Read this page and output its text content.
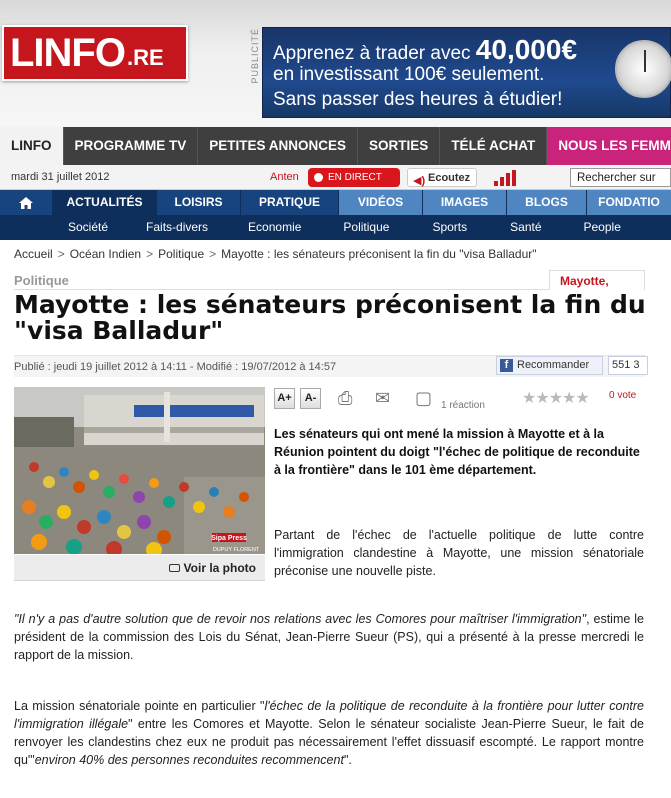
LINFO .RE	PUBLICITÉ Apprenez à trader avec 40,000€
en investissant 100€ seulement.
Sans passer des heures à étudier!
LINFO	PROGRAMME TV	PETITES ANNONCES	SORTIES	TÉLÉ ACHAT	NOUS LES FEMM
mardi 31 juillet 2012	Anten	EN DIRECT	◀) Ecoutez
Rechercher sur
ACTUALITÉS	LOISIRS	PRATIQUE	VIDÉOS	IMAGES	BLOGS	FONDATIO
Société	Faits-divers	Economie	Politique	Sports	Santé	People
Accueil > Océan Indien > Politique > Mayotte : les sénateurs préconisent la fin du "visa Balladur"
Politique	Mayotte,
Mayotte : les sénateurs préconisent la fin du "visa Balladur"
Publié : jeudi 19 juillet 2012 à 14:11 - Modifié : 19/07/2012 à 14:57	f Recommander	551 3
Sipa Press
DUPUY FLORENT
Voir la photo
A+	A- ⎙ ✉ ▢ 1 réaction ★★★★★ 0 vote

Les sénateurs qui ont mené la mission à Mayotte et à la Réunion pointent du doigt "l'échec de politique de reconduite à la frontière" dans le 101 ème département.

Partant de l'échec de l'actuelle politique de lutte contre l'immigration clandestine à Mayotte, une mission sénatoriale préconise une nouvelle piste.

"Il n'y a pas d'autre solution que de revoir nos relations avec les Comores pour maîtriser l'immigration", estime le président de la commission des Lois du Sénat, Jean-Pierre Sueur (PS), qui a présenté à la presse mercredi le rapport de la mission.

La mission sénatoriale pointe en particulier "l'échec de la politique de reconduite à la frontière pour lutter contre l'immigration illégale" entre les Comores et Mayotte. Selon le sénateur socialiste Jean-Pierre Sueur, le fait de renvoyer les clandestins chez eux ne produit pas nécessairement l'effet dissuasif escompté. Le rapport montre qu'"environ 40% des personnes reconduites recommencent".
